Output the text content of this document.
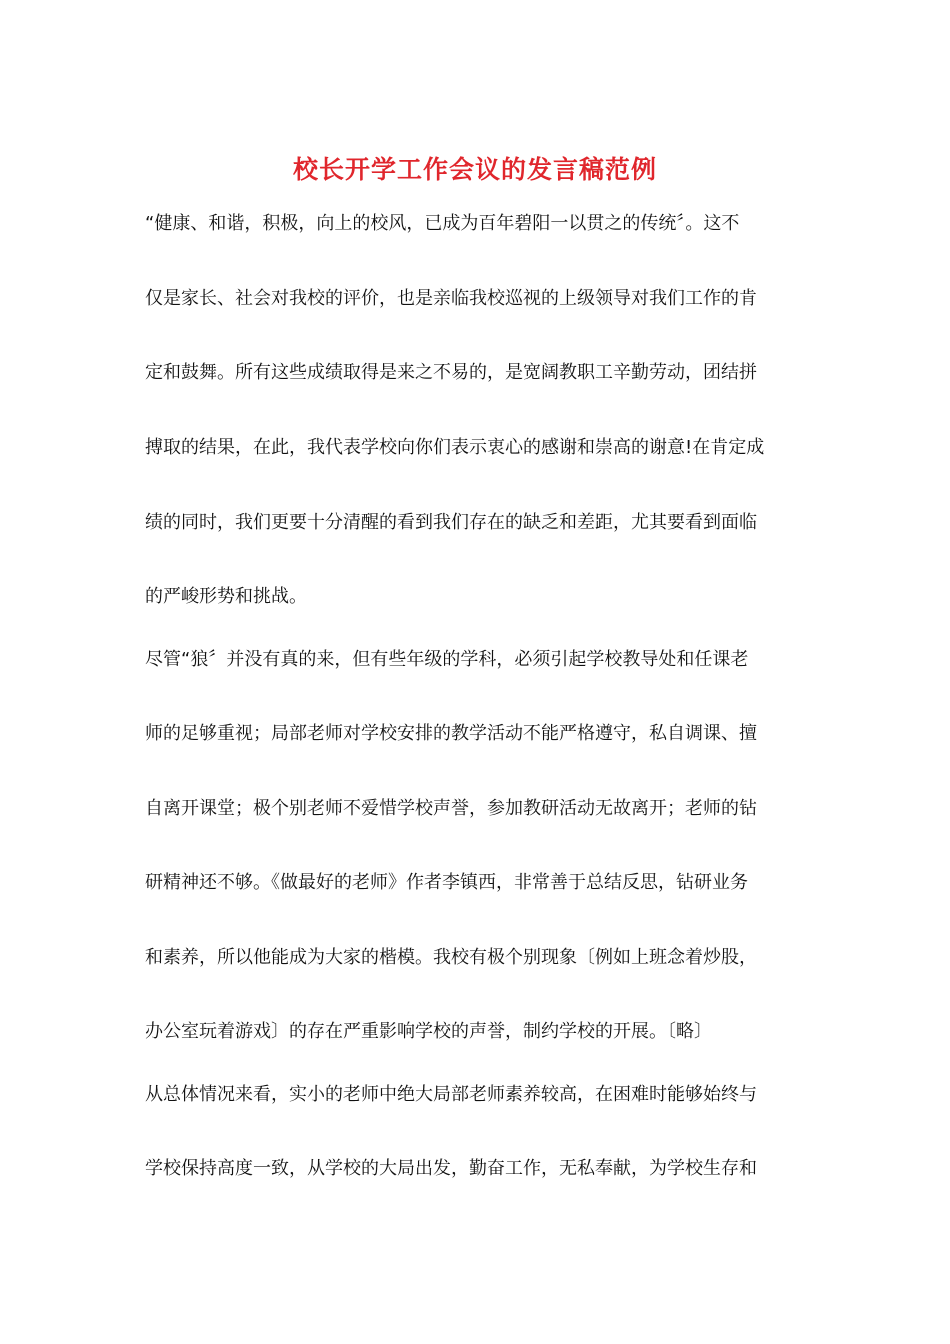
校长开学工作会议的发言稿范例
“健康、和谐，积极，向上的校风，已成为百年碧阳一以贯之的传统〞。这不
仅是家长、社会对我校的评价，也是亲临我校巡视的上级领导对我们工作的肯
定和鼓舞。所有这些成绩取得是来之不易的，是宽阔教职工辛勤劳动，团结拼
搏取的结果，在此，我代表学校向你们表示衷心的感谢和崇高的谢意!在肯定成
绩的同时，我们更要十分清醒的看到我们存在的缺乏和差距，尤其要看到面临
的严峻形势和挑战。
尽管“狼〞并没有真的来，但有些年级的学科，必须引起学校教导处和任课老
师的足够重视；局部老师对学校安排的教学活动不能严格遵守，私自调课、擅
自离开课堂；极个别老师不爱惜学校声誉，参加教研活动无故离开；老师的钻
研精神还不够。《做最好的老师》作者李镇西，非常善于总结反思，钻研业务
和素养，所以他能成为大家的楷模。我校有极个别现象〔例如上班念着炒股，
办公室玩着游戏〕的存在严重影响学校的声誉，制约学校的开展。〔略〕
从总体情况来看，实小的老师中绝大局部老师素养较高，在困难时能够始终与
学校保持高度一致，从学校的大局出发，勤奋工作，无私奉献，为学校生存和
